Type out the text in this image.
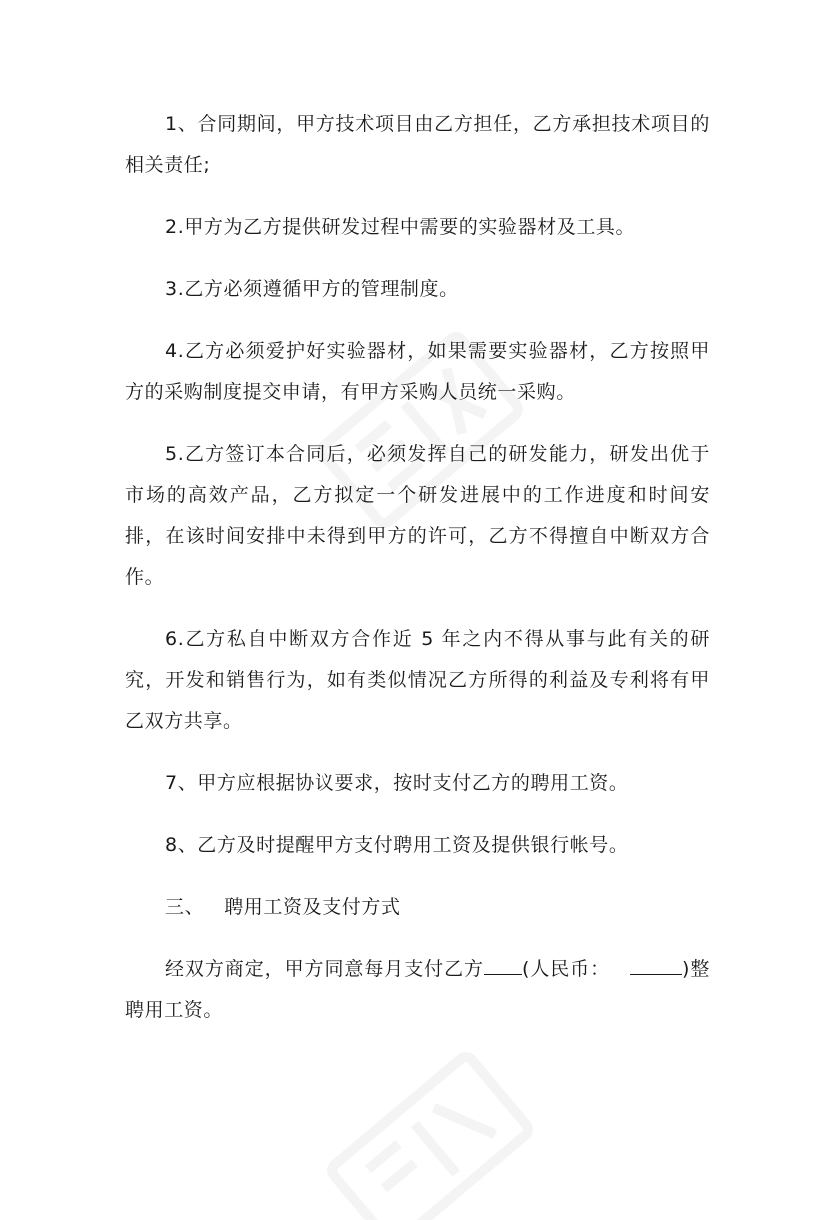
1、合同期间，甲方技术项目由乙方担任，乙方承担技术项目的相关责任;

2.甲方为乙方提供研发过程中需要的实验器材及工具。

3.乙方必须遵循甲方的管理制度。

4.乙方必须爱护好实验器材，如果需要实验器材，乙方按照甲方的采购制度提交申请，有甲方采购人员统一采购。

5.乙方签订本合同后，必须发挥自己的研发能力，研发出优于市场的高效产品，乙方拟定一个研发进展中的工作进度和时间安排，在该时间安排中未得到甲方的许可，乙方不得擅自中断双方合作。

6.乙方私自中断双方合作近 5 年之内不得从事与此有关的研究，开发和销售行为，如有类似情况乙方所得的利益及专利将有甲乙双方共享。

7、甲方应根据协议要求，按时支付乙方的聘用工资。

8、乙方及时提醒甲方支付聘用工资及提供银行帐号。

三、 聘用工资及支付方式

经双方商定，甲方同意每月支付乙方 (人民币：	)整聘用工资。
